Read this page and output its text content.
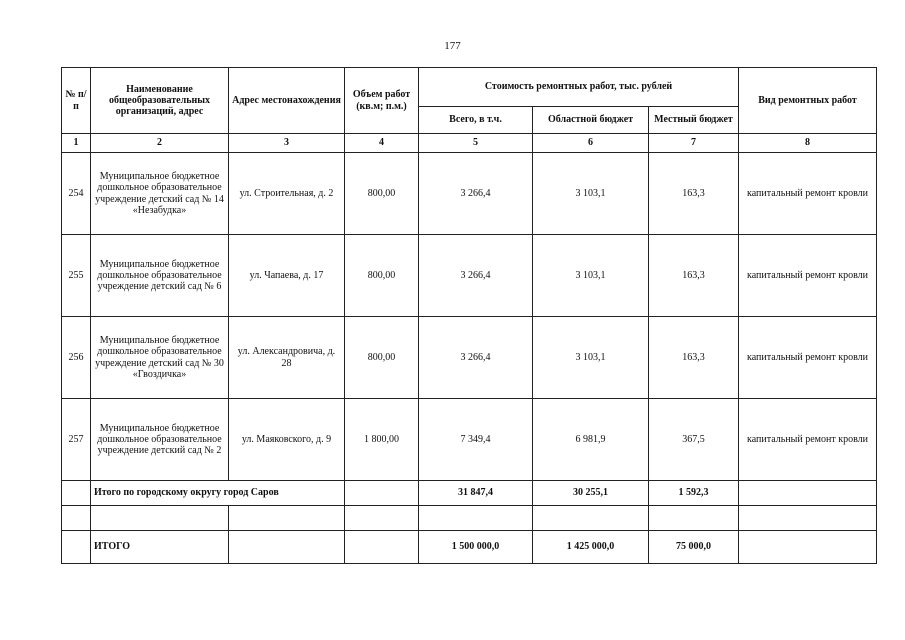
177
№ п/п	Наименование общеобразовательных организаций, адрес	Адрес местонахождения	Объем работ (кв.м; п.м.)	Стоимость ремонтных работ, тыс. рублей			Вид ремонтных работ
				Всего, в т.ч.	Областной бюджет	Местный бюджет	
1	2	3	4	5	6	7	8
254	Муниципальное бюджетное дошкольное образовательное учреждение детский сад № 14 «Незабудка»	ул. Строительная, д. 2	800,00	3 266,4	3 103,1	163,3	капитальный ремонт кровли
255	Муниципальное бюджетное дошкольное образовательное учреждение детский сад № 6	ул. Чапаева, д. 17	800,00	3 266,4	3 103,1	163,3	капитальный ремонт кровли
256	Муниципальное бюджетное дошкольное образовательное учреждение детский сад № 30 «Гвоздичка»	ул. Александровича, д. 28	800,00	3 266,4	3 103,1	163,3	капитальный ремонт кровли
257	Муниципальное бюджетное дошкольное образовательное учреждение детский сад № 2	ул. Маяковского, д. 9	1 800,00	7 349,4	6 981,9	367,5	капитальный ремонт кровли
	Итого по городскому округу город Саров			31 847,4	30 255,1	1 592,3	

	ИТОГО			1 500 000,0	1 425 000,0	75 000,0	
